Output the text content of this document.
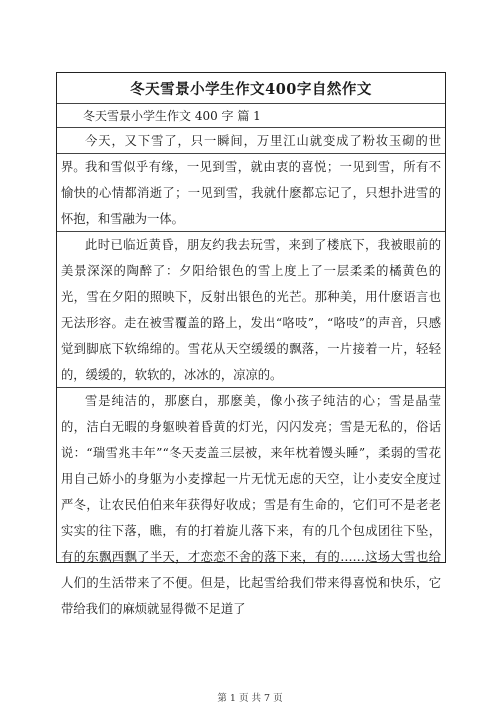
冬天雪景小学生作文400字自然作文
冬天雪景小学生作文 400 字 篇 1
今天，又下雪了，只一瞬间，万里江山就变成了粉妆玉砌的世界。 我和雪似乎有缘，一见到雪，就由衷的喜悦；一见到雪，所有不愉快的心情都消逝了；一见到雪，我就什麽都忘记了，只想扑进雪的怀抱，和雪融为一体。
此时已临近黄昏，朋友约我去玩雪，来到了楼底下，我被眼前的美景深深的陶醉了：夕阳给银色的雪上度上了一层柔柔的橘黄色的光，雪在夕阳的照映下，反射出银色的光芒。那种美，用什麽语言也无法形容。走在被雪覆盖的路上，发出“咯吱”，“咯吱”的声音，只感觉到脚底下软绵绵的。雪花从天空缓缓的飘落，一片接着一片，轻轻的，缓缓的，软软的，冰冰的，凉凉的。
雪是纯洁的，那麽白，那麽美，像小孩子纯洁的心；雪是晶莹的，洁白无暇的身躯映着昏黄的灯光，闪闪发亮；雪是无私的，俗话说：“瑞雪兆丰年”“冬天麦盖三层被，来年枕着馒头睡”，柔弱的雪花用自己娇小的身躯为小麦撑起一片无忧无虑的天空，让小麦安全度过严冬，让农民伯伯来年获得好收成；雪是有生命的，它们可不是老老实实的往下落，瞧，有的打着旋儿落下来，有的几个包成团往下坠，有的东飘西飘了半天，才恋恋不舍的落下来，有的……这场大雪也给人们的生活带来了不便。但是，比起雪给我们带来得喜悦和快乐，它带给我们的麻烦就显得微不足道了
第 1 页 共 7 页
